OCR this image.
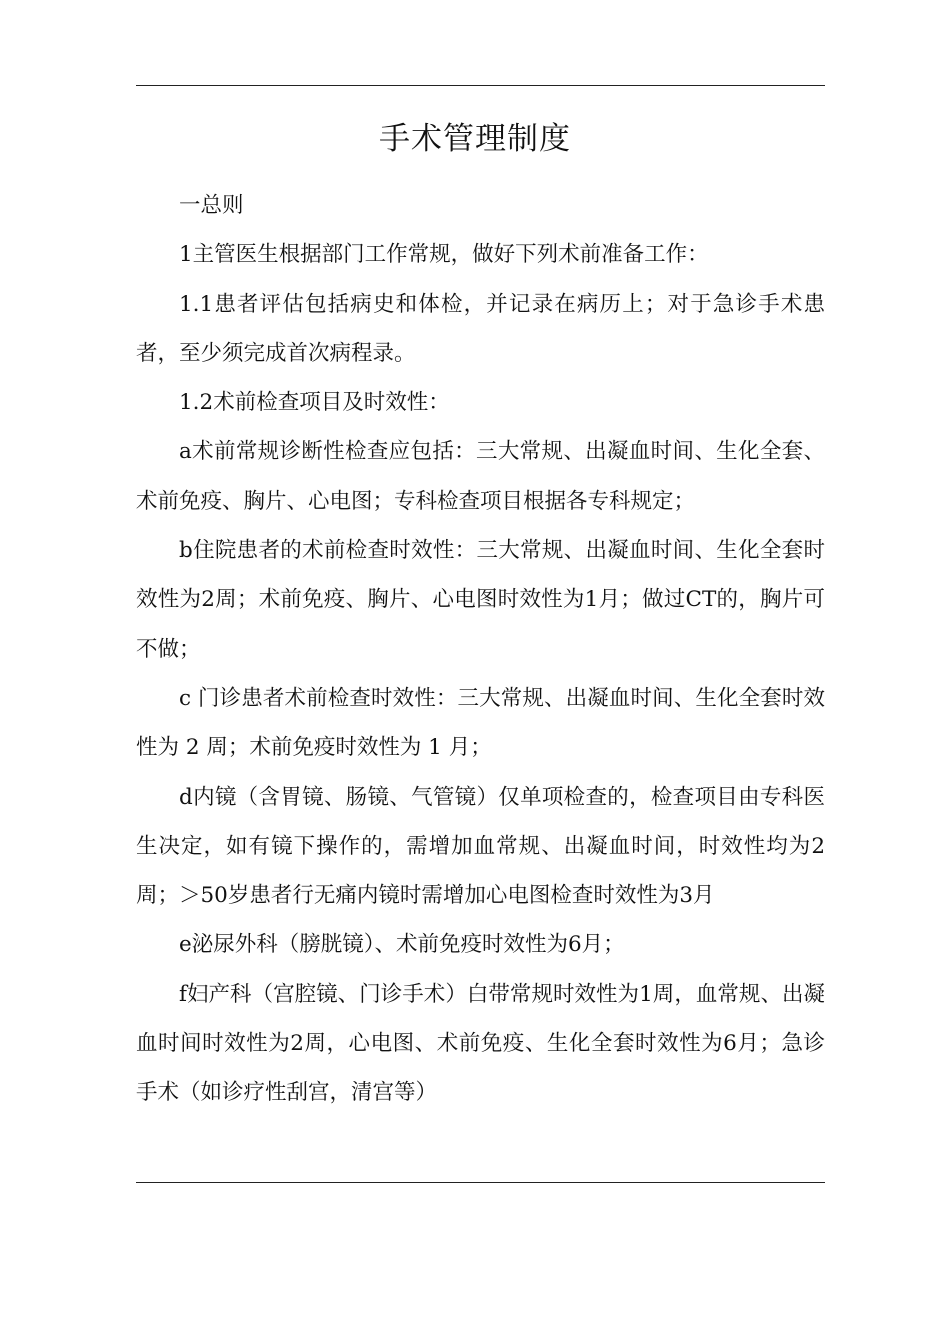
手术管理制度

一总则

1主管医生根据部门工作常规，做好下列术前准备工作：

1.1患者评估包括病史和体检，并记录在病历上；对于急诊手术患者，至少须完成首次病程录。

1.2术前检查项目及时效性：

a术前常规诊断性检查应包括：三大常规、出凝血时间、生化全套、术前免疫、胸片、心电图；专科检查项目根据各专科规定；

b住院患者的术前检查时效性：三大常规、出凝血时间、生化全套时效性为2周；术前免疫、胸片、心电图时效性为1月；做过CT的，胸片可不做；

c 门诊患者术前检查时效性：三大常规、出凝血时间、生化全套时效性为 2 周；术前免疫时效性为 1 月；

d内镜（含胃镜、肠镜、气管镜）仅单项检查的，检查项目由专科医生决定，如有镜下操作的，需增加血常规、出凝血时间，时效性均为2周；＞50岁患者行无痛内镜时需增加心电图检查时效性为3月

e泌尿外科（膀胱镜）、术前免疫时效性为6月；

f妇产科（宫腔镜、门诊手术）白带常规时效性为1周，血常规、出凝血时间时效性为2周，心电图、术前免疫、生化全套时效性为6月；急诊手术（如诊疗性刮宫，清宫等）
